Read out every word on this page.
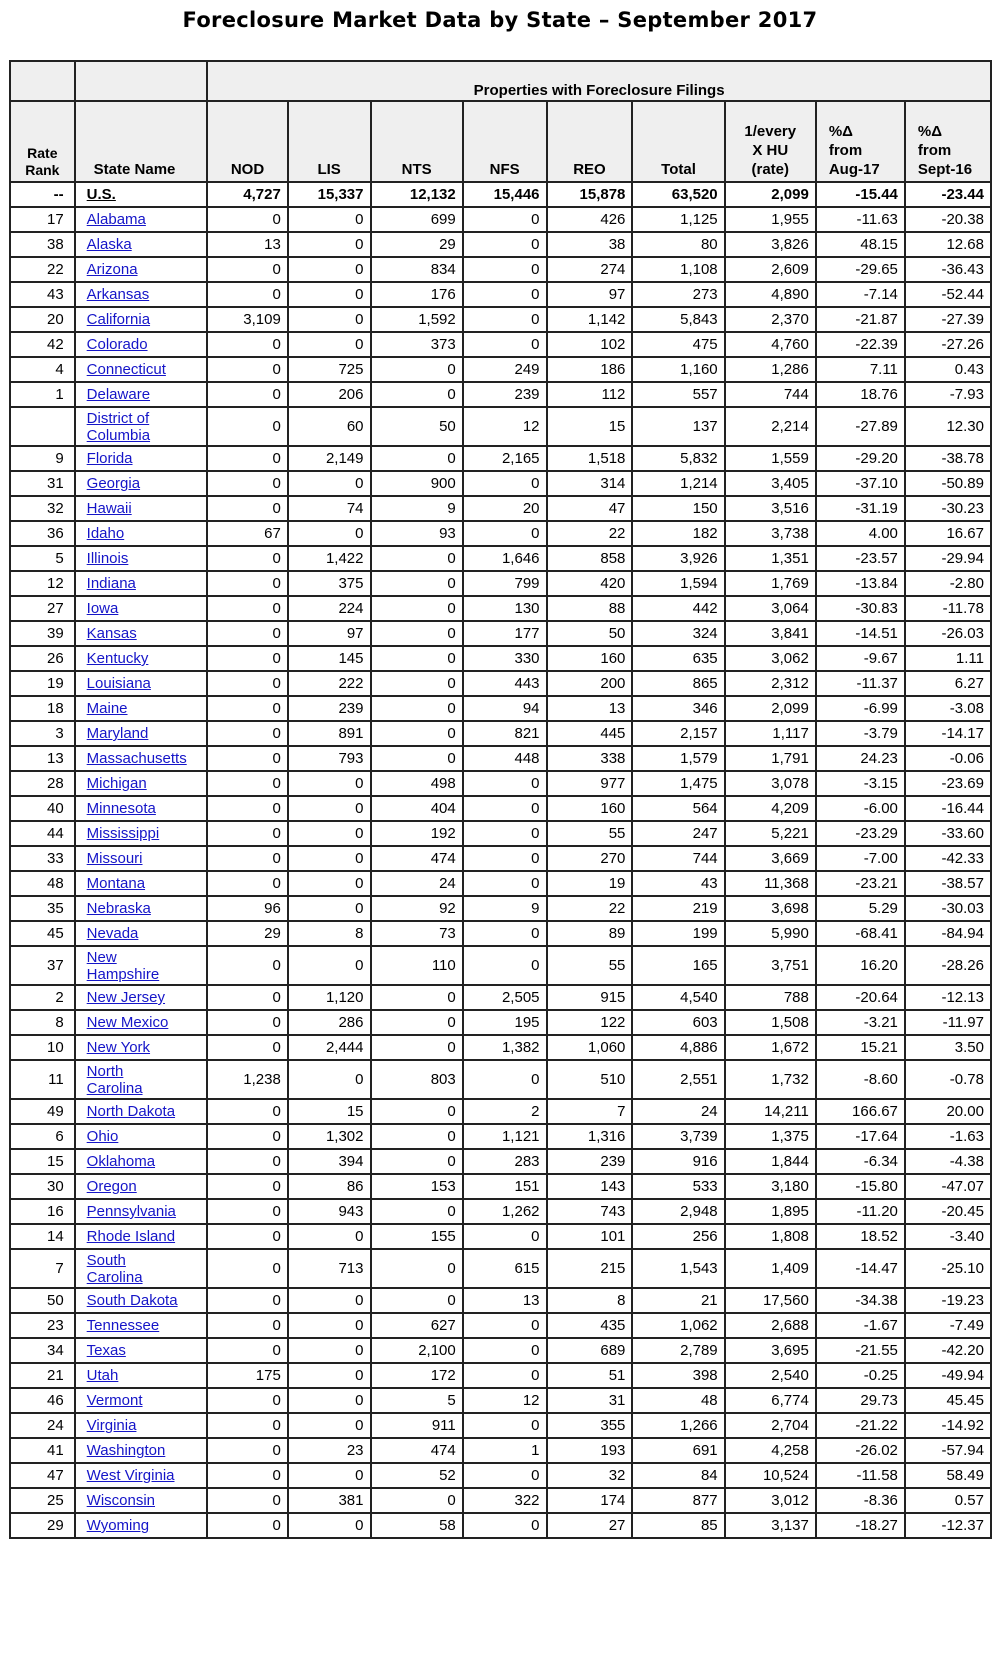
Foreclosure Market Data by State – September 2017
		Properties with Foreclosure Filings								
Rate
Rank	State Name	NOD	LIS	NTS	NFS	REO	Total	1/every
X HU
(rate)	%Δ
from
Aug-17	%Δ
from
Sept-16
--	U.S.	4,727	15,337	12,132	15,446	15,878	63,520	2,099	-15.44	-23.44
17	Alabama	0	0	699	0	426	1,125	1,955	-11.63	-20.38
38	Alaska	13	0	29	0	38	80	3,826	48.15	12.68
22	Arizona	0	0	834	0	274	1,108	2,609	-29.65	-36.43
43	Arkansas	0	0	176	0	97	273	4,890	-7.14	-52.44
20	California	3,109	0	1,592	0	1,142	5,843	2,370	-21.87	-27.39
42	Colorado	0	0	373	0	102	475	4,760	-22.39	-27.26
4	Connecticut	0	725	0	249	186	1,160	1,286	7.11	0.43
1	Delaware	0	206	0	239	112	557	744	18.76	-7.93
	District of
Columbia	0	60	50	12	15	137	2,214	-27.89	12.30
9	Florida	0	2,149	0	2,165	1,518	5,832	1,559	-29.20	-38.78
31	Georgia	0	0	900	0	314	1,214	3,405	-37.10	-50.89
32	Hawaii	0	74	9	20	47	150	3,516	-31.19	-30.23
36	Idaho	67	0	93	0	22	182	3,738	4.00	16.67
5	Illinois	0	1,422	0	1,646	858	3,926	1,351	-23.57	-29.94
12	Indiana	0	375	0	799	420	1,594	1,769	-13.84	-2.80
27	Iowa	0	224	0	130	88	442	3,064	-30.83	-11.78
39	Kansas	0	97	0	177	50	324	3,841	-14.51	-26.03
26	Kentucky	0	145	0	330	160	635	3,062	-9.67	1.11
19	Louisiana	0	222	0	443	200	865	2,312	-11.37	6.27
18	Maine	0	239	0	94	13	346	2,099	-6.99	-3.08
3	Maryland	0	891	0	821	445	2,157	1,117	-3.79	-14.17
13	Massachusetts	0	793	0	448	338	1,579	1,791	24.23	-0.06
28	Michigan	0	0	498	0	977	1,475	3,078	-3.15	-23.69
40	Minnesota	0	0	404	0	160	564	4,209	-6.00	-16.44
44	Mississippi	0	0	192	0	55	247	5,221	-23.29	-33.60
33	Missouri	0	0	474	0	270	744	3,669	-7.00	-42.33
48	Montana	0	0	24	0	19	43	11,368	-23.21	-38.57
35	Nebraska	96	0	92	9	22	219	3,698	5.29	-30.03
45	Nevada	29	8	73	0	89	199	5,990	-68.41	-84.94
37	New
Hampshire	0	0	110	0	55	165	3,751	16.20	-28.26
2	New Jersey	0	1,120	0	2,505	915	4,540	788	-20.64	-12.13
8	New Mexico	0	286	0	195	122	603	1,508	-3.21	-11.97
10	New York	0	2,444	0	1,382	1,060	4,886	1,672	15.21	3.50
11	North
Carolina	1,238	0	803	0	510	2,551	1,732	-8.60	-0.78
49	North Dakota	0	15	0	2	7	24	14,211	166.67	20.00
6	Ohio	0	1,302	0	1,121	1,316	3,739	1,375	-17.64	-1.63
15	Oklahoma	0	394	0	283	239	916	1,844	-6.34	-4.38
30	Oregon	0	86	153	151	143	533	3,180	-15.80	-47.07
16	Pennsylvania	0	943	0	1,262	743	2,948	1,895	-11.20	-20.45
14	Rhode Island	0	0	155	0	101	256	1,808	18.52	-3.40
7	South
Carolina	0	713	0	615	215	1,543	1,409	-14.47	-25.10
50	South Dakota	0	0	0	13	8	21	17,560	-34.38	-19.23
23	Tennessee	0	0	627	0	435	1,062	2,688	-1.67	-7.49
34	Texas	0	0	2,100	0	689	2,789	3,695	-21.55	-42.20
21	Utah	175	0	172	0	51	398	2,540	-0.25	-49.94
46	Vermont	0	0	5	12	31	48	6,774	29.73	45.45
24	Virginia	0	0	911	0	355	1,266	2,704	-21.22	-14.92
41	Washington	0	23	474	1	193	691	4,258	-26.02	-57.94
47	West Virginia	0	0	52	0	32	84	10,524	-11.58	58.49
25	Wisconsin	0	381	0	322	174	877	3,012	-8.36	0.57
29	Wyoming	0	0	58	0	27	85	3,137	-18.27	-12.37
